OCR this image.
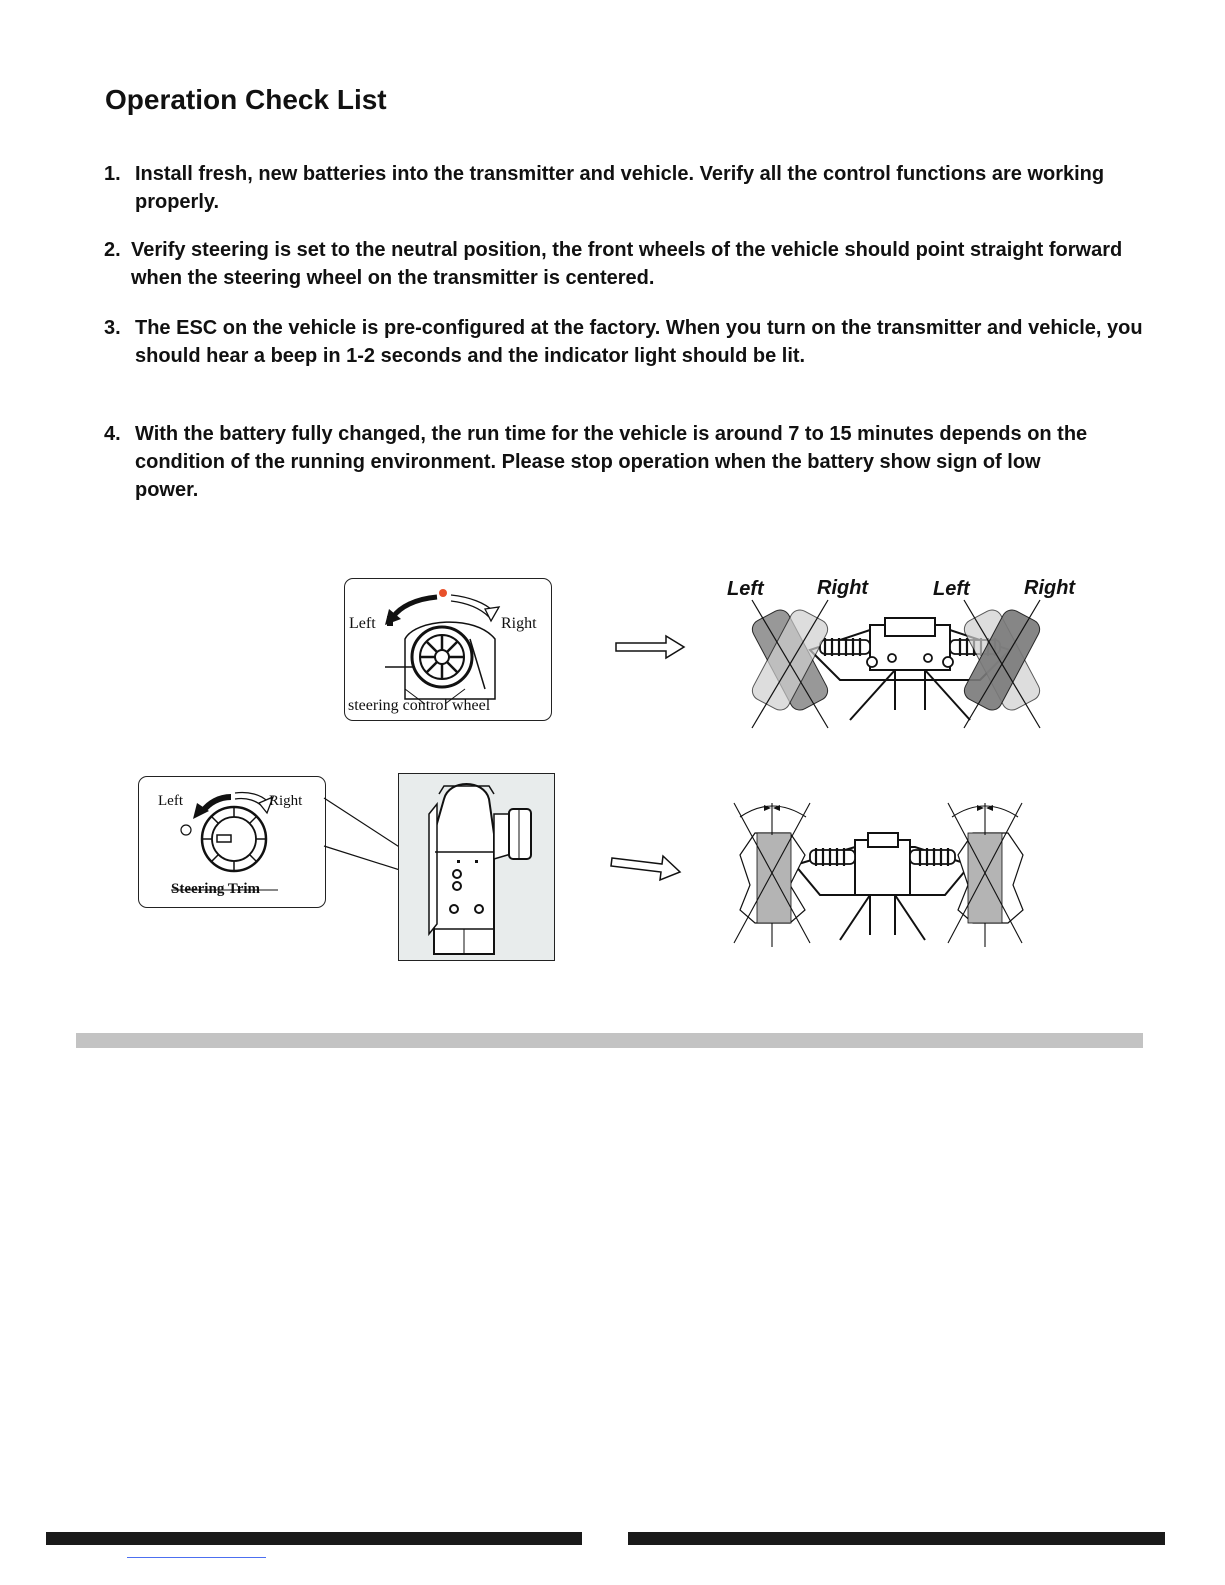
Operation Check List
1. Install fresh, new batteries into the transmitter and vehicle. Verify all the control functions are working properly.
2. Verify steering is set to the neutral position, the front wheels of the vehicle should point straight forward when the steering wheel on the transmitter is centered.
3. The ESC on the vehicle is pre-configured at the factory. When you turn on the transmitter and vehicle, you should hear a beep in 1-2 seconds and the indicator light should be lit.
4. With the battery fully changed, the run time for the vehicle is around 7 to 15 minutes depends on the condition of the running environment. Please stop operation when the battery show sign of low power.
Left	Right
steering control wheel
Left	Right	Left	Right
Left	Right
Steering Trim
